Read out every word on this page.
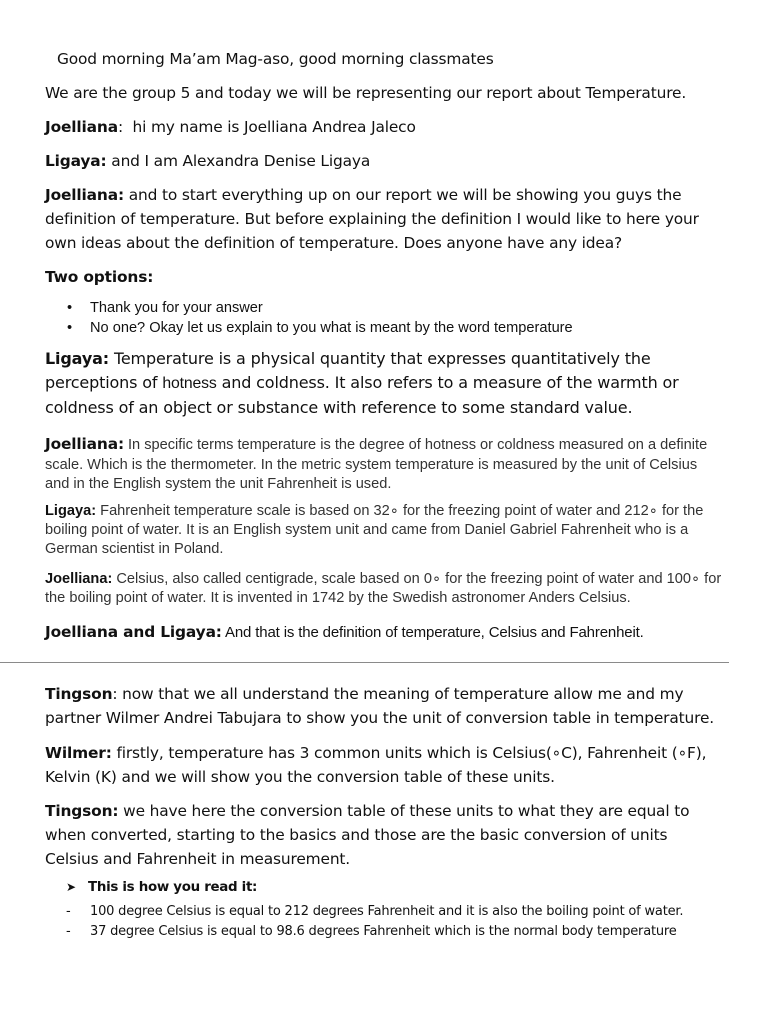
Good morning Ma’am Mag-aso, good morning classmates

We are the group 5 and today we will be representing our report about Temperature.

Joelliana:  hi my name is Joelliana Andrea Jaleco

Ligaya: and I am Alexandra Denise Ligaya

Joelliana: and to start everything up on our report we will be showing you guys the definition of temperature. But before explaining the definition I would like to here your own ideas about the definition of temperature. Does anyone have any idea?

Two options:

• Thank you for your answer
• No one? Okay let us explain to you what is meant by the word temperature

Ligaya: Temperature is a physical quantity that expresses quantitatively the perceptions of hotness and coldness. It also refers to a measure of the warmth or coldness of an object or substance with reference to some standard value.

Joelliana: In specific terms temperature is the degree of hotness or coldness measured on a definite scale. Which is the thermometer. In the metric system temperature is measured by the unit of Celsius and in the English system the unit Fahrenheit is used.

Ligaya: Fahrenheit temperature scale is based on 32∘ for the freezing point of water and 212∘ for the boiling point of water. It is an English system unit and came from Daniel Gabriel Fahrenheit who is a German scientist in Poland.

Joelliana: Celsius, also called centigrade, scale based on 0∘ for the freezing point of water and 100∘ for the boiling point of water. It is invented in 1742 by the Swedish astronomer Anders Celsius.

Joelliana and Ligaya: And that is the definition of temperature, Celsius and Fahrenheit.

Tingson: now that we all understand the meaning of temperature allow me and my partner Wilmer Andrei Tabujara to show you the unit of conversion table in temperature.

Wilmer: firstly, temperature has 3 common units which is Celsius(∘C), Fahrenheit (∘F), Kelvin (K) and we will show you the conversion table of these units.

Tingson: we have here the conversion table of these units to what they are equal to when converted, starting to the basics and those are the basic conversion of units Celsius and Fahrenheit in measurement.

➤ This is how you read it:
- 100 degree Celsius is equal to 212 degrees Fahrenheit and it is also the boiling point of water.
- 37 degree Celsius is equal to 98.6 degrees Fahrenheit which is the normal body temperature
